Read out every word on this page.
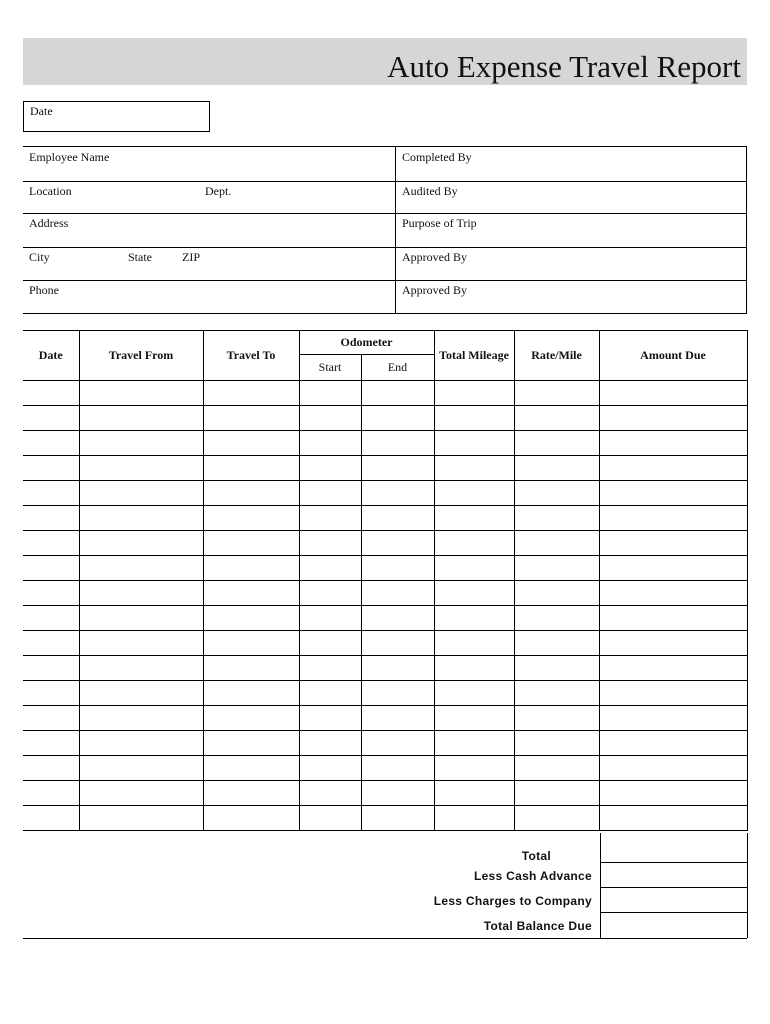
Auto Expense Travel Report
Date
Employee Name	Completed By
Location	Dept.	Audited By
Address	Purpose of Trip
City	State	ZIP	Approved By
Phone	Approved By
Date	Travel From	Travel To	Odometer		Total Mileage	Rate/Mile	Amount Due
			Start	End			

Total
Less Cash Advance
Less Charges to Company
Total Balance Due
